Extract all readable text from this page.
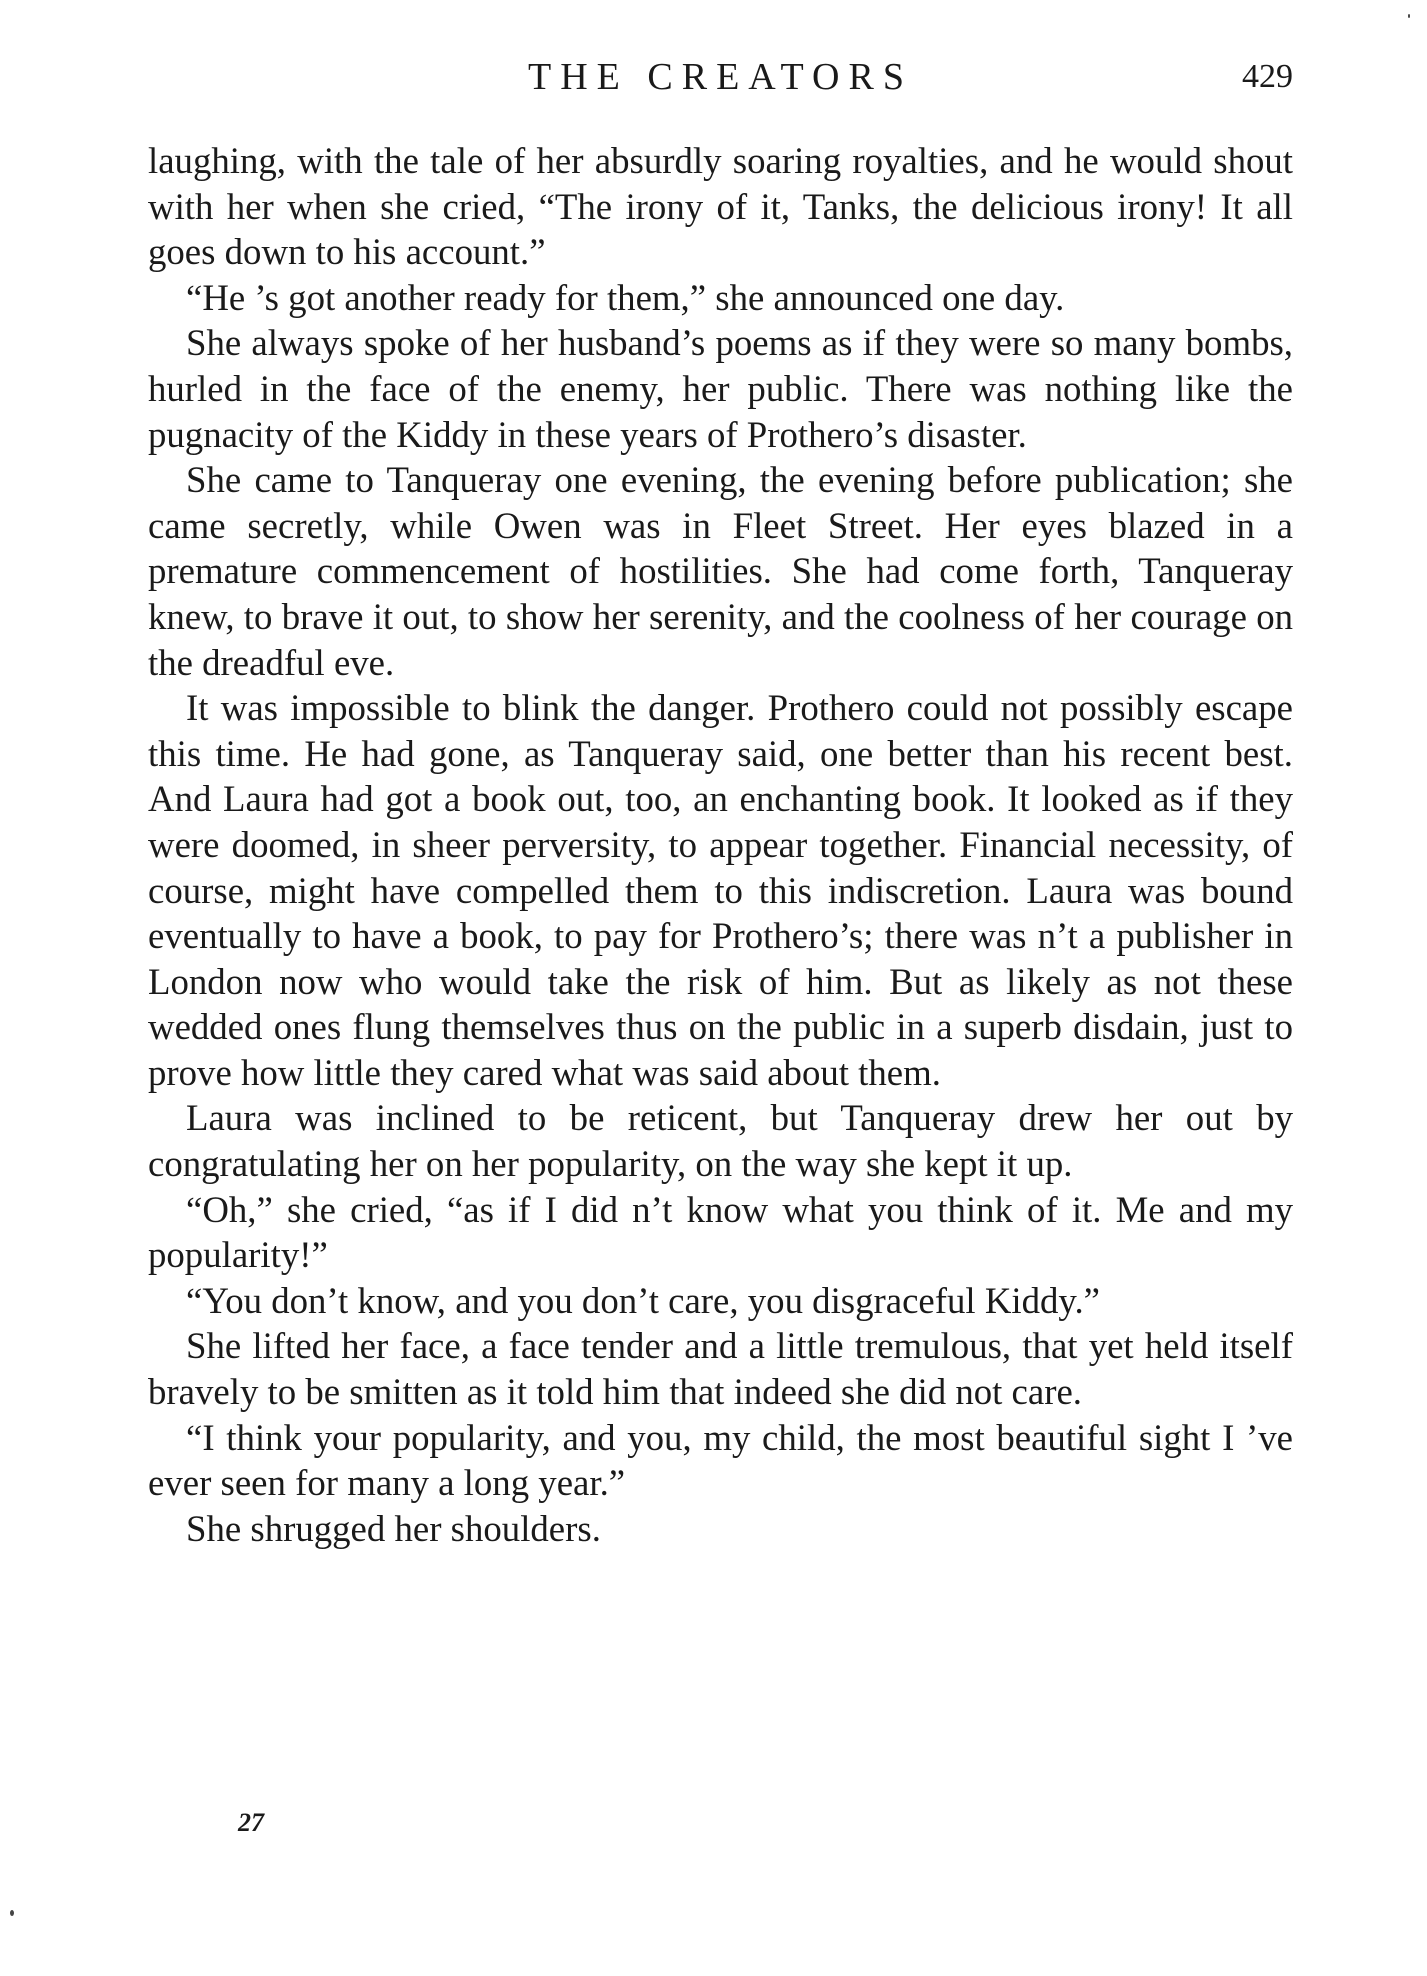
THE CREATORS	429

laughing, with the tale of her absurdly soaring royalties, and he would shout with her when she cried, “The irony of it, Tanks, the delicious irony! It all goes down to his account.”

“He ’s got another ready for them,” she announced one day.

She always spoke of her husband’s poems as if they were so many bombs, hurled in the face of the enemy, her public. There was nothing like the pugnacity of the Kiddy in these years of Prothero’s disaster.

She came to Tanqueray one evening, the evening before publication; she came secretly, while Owen was in Fleet Street. Her eyes blazed in a premature commencement of hostilities. She had come forth, Tanqueray knew, to brave it out, to show her serenity, and the coolness of her courage on the dreadful eve.

It was impossible to blink the danger. Prothero could not possibly escape this time. He had gone, as Tanqueray said, one better than his recent best. And Laura had got a book out, too, an enchanting book. It looked as if they were doomed, in sheer perversity, to appear together. Financial necessity, of course, might have compelled them to this indiscretion. Laura was bound eventually to have a book, to pay for Prothero’s; there was n’t a publisher in London now who would take the risk of him. But as likely as not these wedded ones flung themselves thus on the public in a superb disdain, just to prove how little they cared what was said about them.

Laura was inclined to be reticent, but Tanqueray drew her out by congratulating her on her popularity, on the way she kept it up.

“Oh,” she cried, “as if I did n’t know what you think of it. Me and my popularity!”

“You don’t know, and you don’t care, you disgraceful Kiddy.”

She lifted her face, a face tender and a little tremulous, that yet held itself bravely to be smitten as it told him that indeed she did not care.

“I think your popularity, and you, my child, the most beautiful sight I ’ve ever seen for many a long year.”

She shrugged her shoulders.

27
